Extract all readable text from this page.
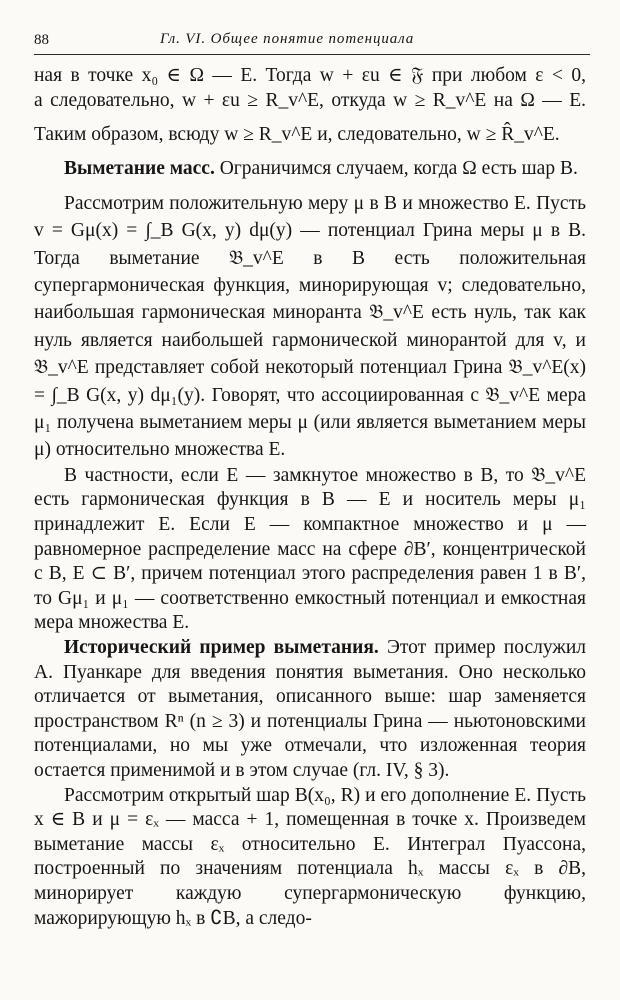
88	Гл. VI. Общее понятие потенциала

ная в точке x₀ ∈ Ω — E. Тогда w + εu ∈ 𝔉 при любом ε < 0,

а следовательно, w + εu ≥ R_v^E, откуда w ≥ R_v^E на Ω — E.

Таким образом, всюду w ≥ R_v^E и, следовательно, w ≥ R̂_v^E.

Выметание масс. Ограничимся случаем, когда Ω есть шар B.

Рассмотрим положительную меру μ в B и множество E. Пусть v = Gμ(x) = ∫_B G(x, y) dμ(y) — потенциал Грина меры μ в B. Тогда выметание 𝔅_v^E в B есть положительная супергармоническая функция, минорирующая v; следовательно, наибольшая гармоническая миноранта 𝔅_v^E есть нуль, так как нуль является наибольшей гармонической минорантой для v, и 𝔅_v^E представляет собой некоторый потенциал Грина 𝔅_v^E(x) = ∫_B G(x, y) dμ₁(y). Говорят, что ассоциированная с 𝔅_v^E мера μ₁ получена выметанием меры μ (или является выметанием меры μ) относительно множества E.

В частности, если E — замкнутое множество в B, то 𝔅_v^E есть гармоническая функция в B — E и носитель меры μ₁ принадлежит E. Если E — компактное множество и μ — равномерное распределение масс на сфере ∂B′, концентрической с B, E ⊂ B′, причем потенциал этого распределения равен 1 в B′, то Gμ₁ и μ₁ — соответственно емкостный потенциал и емкостная мера множества E.

Исторический пример выметания. Этот пример послужил А. Пуанкаре для введения понятия выметания. Оно несколько отличается от выметания, описанного выше: шар заменяется пространством Rⁿ (n ≥ 3) и потенциалы Грина — ньютоновскими потенциалами, но мы уже отмечали, что изложенная теория остается применимой и в этом случае (гл. IV, § 3).

Рассмотрим открытый шар B(x₀, R) и его дополнение E. Пусть x ∈ B и μ = εₓ — масса + 1, помещенная в точке x. Произведем выметание массы εₓ относительно E. Интеграл Пуассона, построенный по значениям потенциала hₓ массы εₓ в ∂B, минорирует каждую супергармоническую функцию, мажорирующую hₓ в ∁B, а следо-
